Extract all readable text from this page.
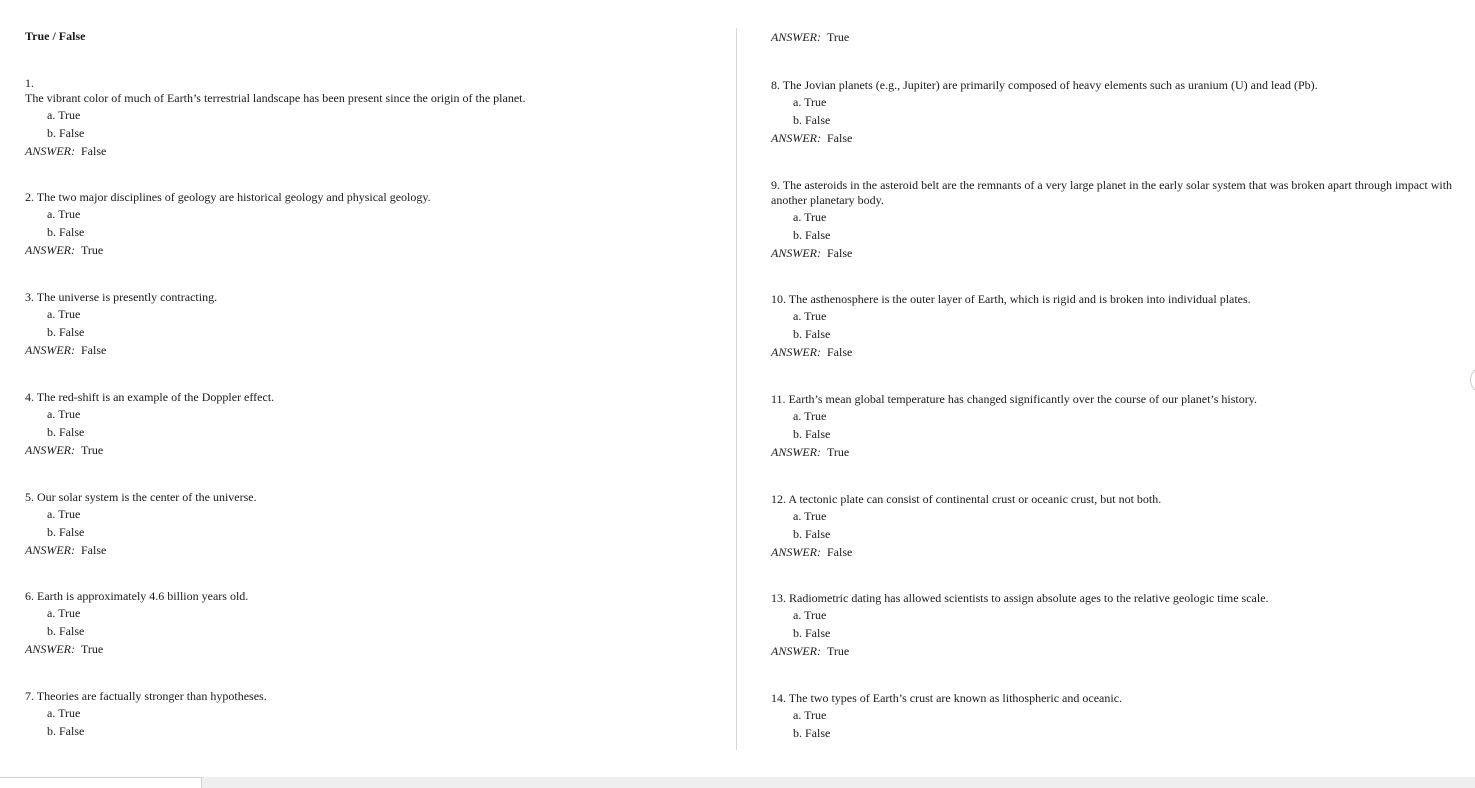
True / False
1.
The vibrant color of much of Earth’s terrestrial landscape has been present since the origin of the planet.
a. True
b. False
ANSWER: False
2. The two major disciplines of geology are historical geology and physical geology.
a. True
b. False
ANSWER: True
3. The universe is presently contracting.
a. True
b. False
ANSWER: False
4. The red-shift is an example of the Doppler effect.
a. True
b. False
ANSWER: True
5. Our solar system is the center of the universe.
a. True
b. False
ANSWER: False
6. Earth is approximately 4.6 billion years old.
a. True
b. False
ANSWER: True
7. Theories are factually stronger than hypotheses.
a. True
b. False
ANSWER: True
8. The Jovian planets (e.g., Jupiter) are primarily composed of heavy elements such as uranium (U) and lead (Pb).
a. True
b. False
ANSWER: False
9. The asteroids in the asteroid belt are the remnants of a very large planet in the early solar system that was broken apart through impact with another planetary body.
a. True
b. False
ANSWER: False
10. The asthenosphere is the outer layer of Earth, which is rigid and is broken into individual plates.
a. True
b. False
ANSWER: False
11. Earth’s mean global temperature has changed significantly over the course of our planet’s history.
a. True
b. False
ANSWER: True
12. A tectonic plate can consist of continental crust or oceanic crust, but not both.
a. True
b. False
ANSWER: False
13. Radiometric dating has allowed scientists to assign absolute ages to the relative geologic time scale.
a. True
b. False
ANSWER: True
14. The two types of Earth’s crust are known as lithospheric and oceanic.
a. True
b. False
